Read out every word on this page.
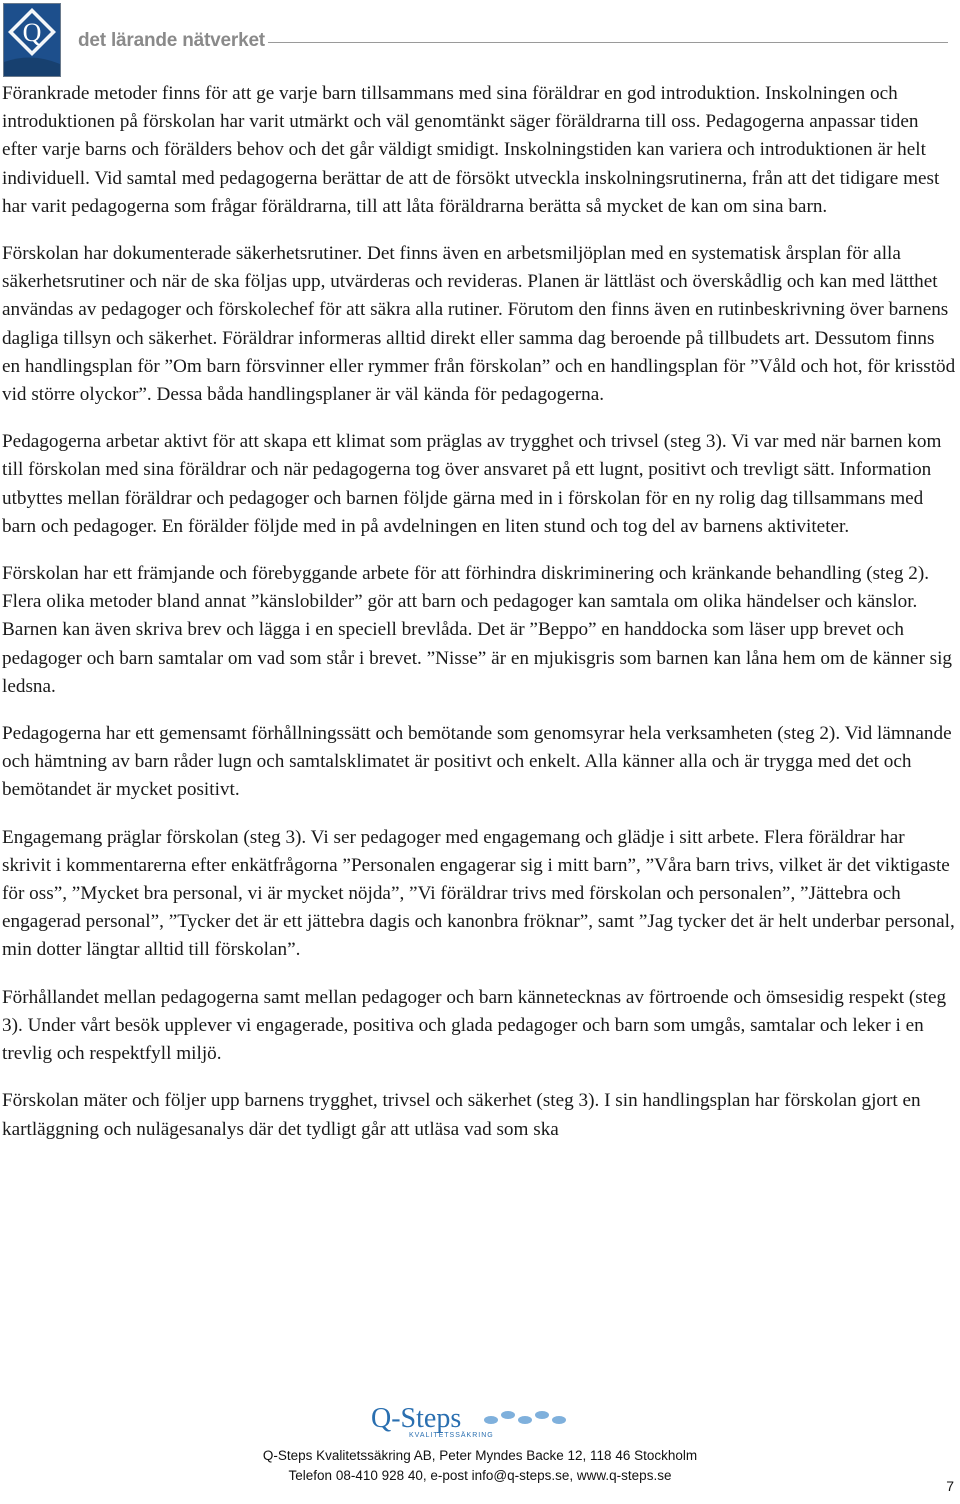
Q det lärande nätverket

Förankrade metoder finns för att ge varje barn tillsammans med sina föräldrar en god introduktion. Inskolningen och introduktionen på förskolan har varit utmärkt och väl genomtänkt säger föräldrarna till oss. Pedagogerna anpassar tiden efter varje barns och förälders behov och det går väldigt smidigt. Inskolningstiden kan variera och introduktionen är helt individuell. Vid samtal med pedagogerna berättar de att de försökt utveckla inskolningsrutinerna, från att det tidigare mest har varit pedagogerna som frågar föräldrarna, till att låta föräldrarna berätta så mycket de kan om sina barn.

Förskolan har dokumenterade säkerhetsrutiner. Det finns även en arbetsmiljöplan med en systematisk årsplan för alla säkerhetsrutiner och när de ska följas upp, utvärderas och revideras. Planen är lättläst och överskådlig och kan med lätthet användas av pedagoger och förskolechef för att säkra alla rutiner. Förutom den finns även en rutinbeskrivning över barnens dagliga tillsyn och säkerhet. Föräldrar informeras alltid direkt eller samma dag beroende på tillbudets art. Dessutom finns en handlingsplan för ”Om barn försvinner eller rymmer från förskolan” och en handlingsplan för ”Våld och hot, för krisstöd vid större olyckor”. Dessa båda handlingsplaner är väl kända för pedagogerna.

Pedagogerna arbetar aktivt för att skapa ett klimat som präglas av trygghet och trivsel (steg 3). Vi var med när barnen kom till förskolan med sina föräldrar och när pedagogerna tog över ansvaret på ett lugnt, positivt och trevligt sätt. Information utbyttes mellan föräldrar och pedagoger och barnen följde gärna med in i förskolan för en ny rolig dag tillsammans med barn och pedagoger. En förälder följde med in på avdelningen en liten stund och tog del av barnens aktiviteter.

Förskolan har ett främjande och förebyggande arbete för att förhindra diskriminering och kränkande behandling (steg 2). Flera olika metoder bland annat ”känslobilder” gör att barn och pedagoger kan samtala om olika händelser och känslor. Barnen kan även skriva brev och lägga i en speciell brevlåda. Det är ”Beppo” en handdocka som läser upp brevet och pedagoger och barn samtalar om vad som står i brevet. ”Nisse” är en mjukisgris som barnen kan låna hem om de känner sig ledsna.

Pedagogerna har ett gemensamt förhållningssätt och bemötande som genomsyrar hela verksamheten (steg 2). Vid lämnande och hämtning av barn råder lugn och samtalsklimatet är positivt och enkelt. Alla känner alla och är trygga med det och bemötandet är mycket positivt.

Engagemang präglar förskolan (steg 3). Vi ser pedagoger med engagemang och glädje i sitt arbete. Flera föräldrar har skrivit i kommentarerna efter enkätfrågorna ”Personalen engagerar sig i mitt barn”, ”Våra barn trivs, vilket är det viktigaste för oss”, ”Mycket bra personal, vi är mycket nöjda”, ”Vi föräldrar trivs med förskolan och personalen”, ”Jättebra och engagerad personal”, ”Tycker det är ett jättebra dagis och kanonbra fröknar”, samt ”Jag tycker det är helt underbar personal, min dotter längtar alltid till förskolan”.

Förhållandet mellan pedagogerna samt mellan pedagoger och barn kännetecknas av förtroende och ömsesidig respekt (steg 3). Under vårt besök upplever vi engagerade, positiva och glada pedagoger och barn som umgås, samtalar och leker i en trevlig och respektfyll miljö.

Förskolan mäter och följer upp barnens trygghet, trivsel och säkerhet (steg 3). I sin handlingsplan har förskolan gjort en kartläggning och nulägesanalys där det tydligt går att utläsa vad som ska

Q-Steps
KVALITETSSÄKRING
Q-Steps Kvalitetssäkring AB, Peter Myndes Backe 12, 118 46 Stockholm
Telefon 08-410 928 40, e-post info@q-steps.se, www.q-steps.se
7
